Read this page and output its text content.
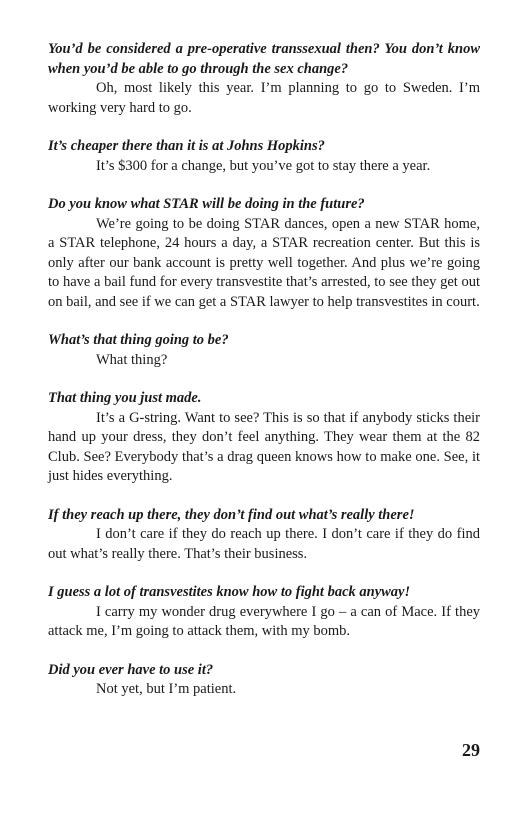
You’d be considered a pre-operative transsexual then? You don’t know when you’d be able to go through the sex change?
Oh, most likely this year. I’m planning to go to Sweden. I’m working very hard to go.
It’s cheaper there than it is at Johns Hopkins?
It’s $300 for a change, but you’ve got to stay there a year.
Do you know what STAR will be doing in the future?
We’re going to be doing STAR dances, open a new STAR home, a STAR telephone, 24 hours a day, a STAR recreation center. But this is only after our bank account is pretty well together. And plus we’re going to have a bail fund for every transvestite that’s arrested, to see they get out on bail, and see if we can get a STAR lawyer to help transvestites in court.
What’s that thing going to be?
What thing?
That thing you just made.
It’s a G-string. Want to see? This is so that if anybody sticks their hand up your dress, they don’t feel anything. They wear them at the 82 Club. See? Everybody that’s a drag queen knows how to make one. See, it just hides everything.
If they reach up there, they don’t find out what’s really there!
I don’t care if they do reach up there. I don’t care if they do find out what’s really there. That’s their business.
I guess a lot of transvestites know how to fight back anyway!
I carry my wonder drug everywhere I go – a can of Mace. If they attack me, I’m going to attack them, with my bomb.
Did you ever have to use it?
Not yet, but I’m patient.
29
